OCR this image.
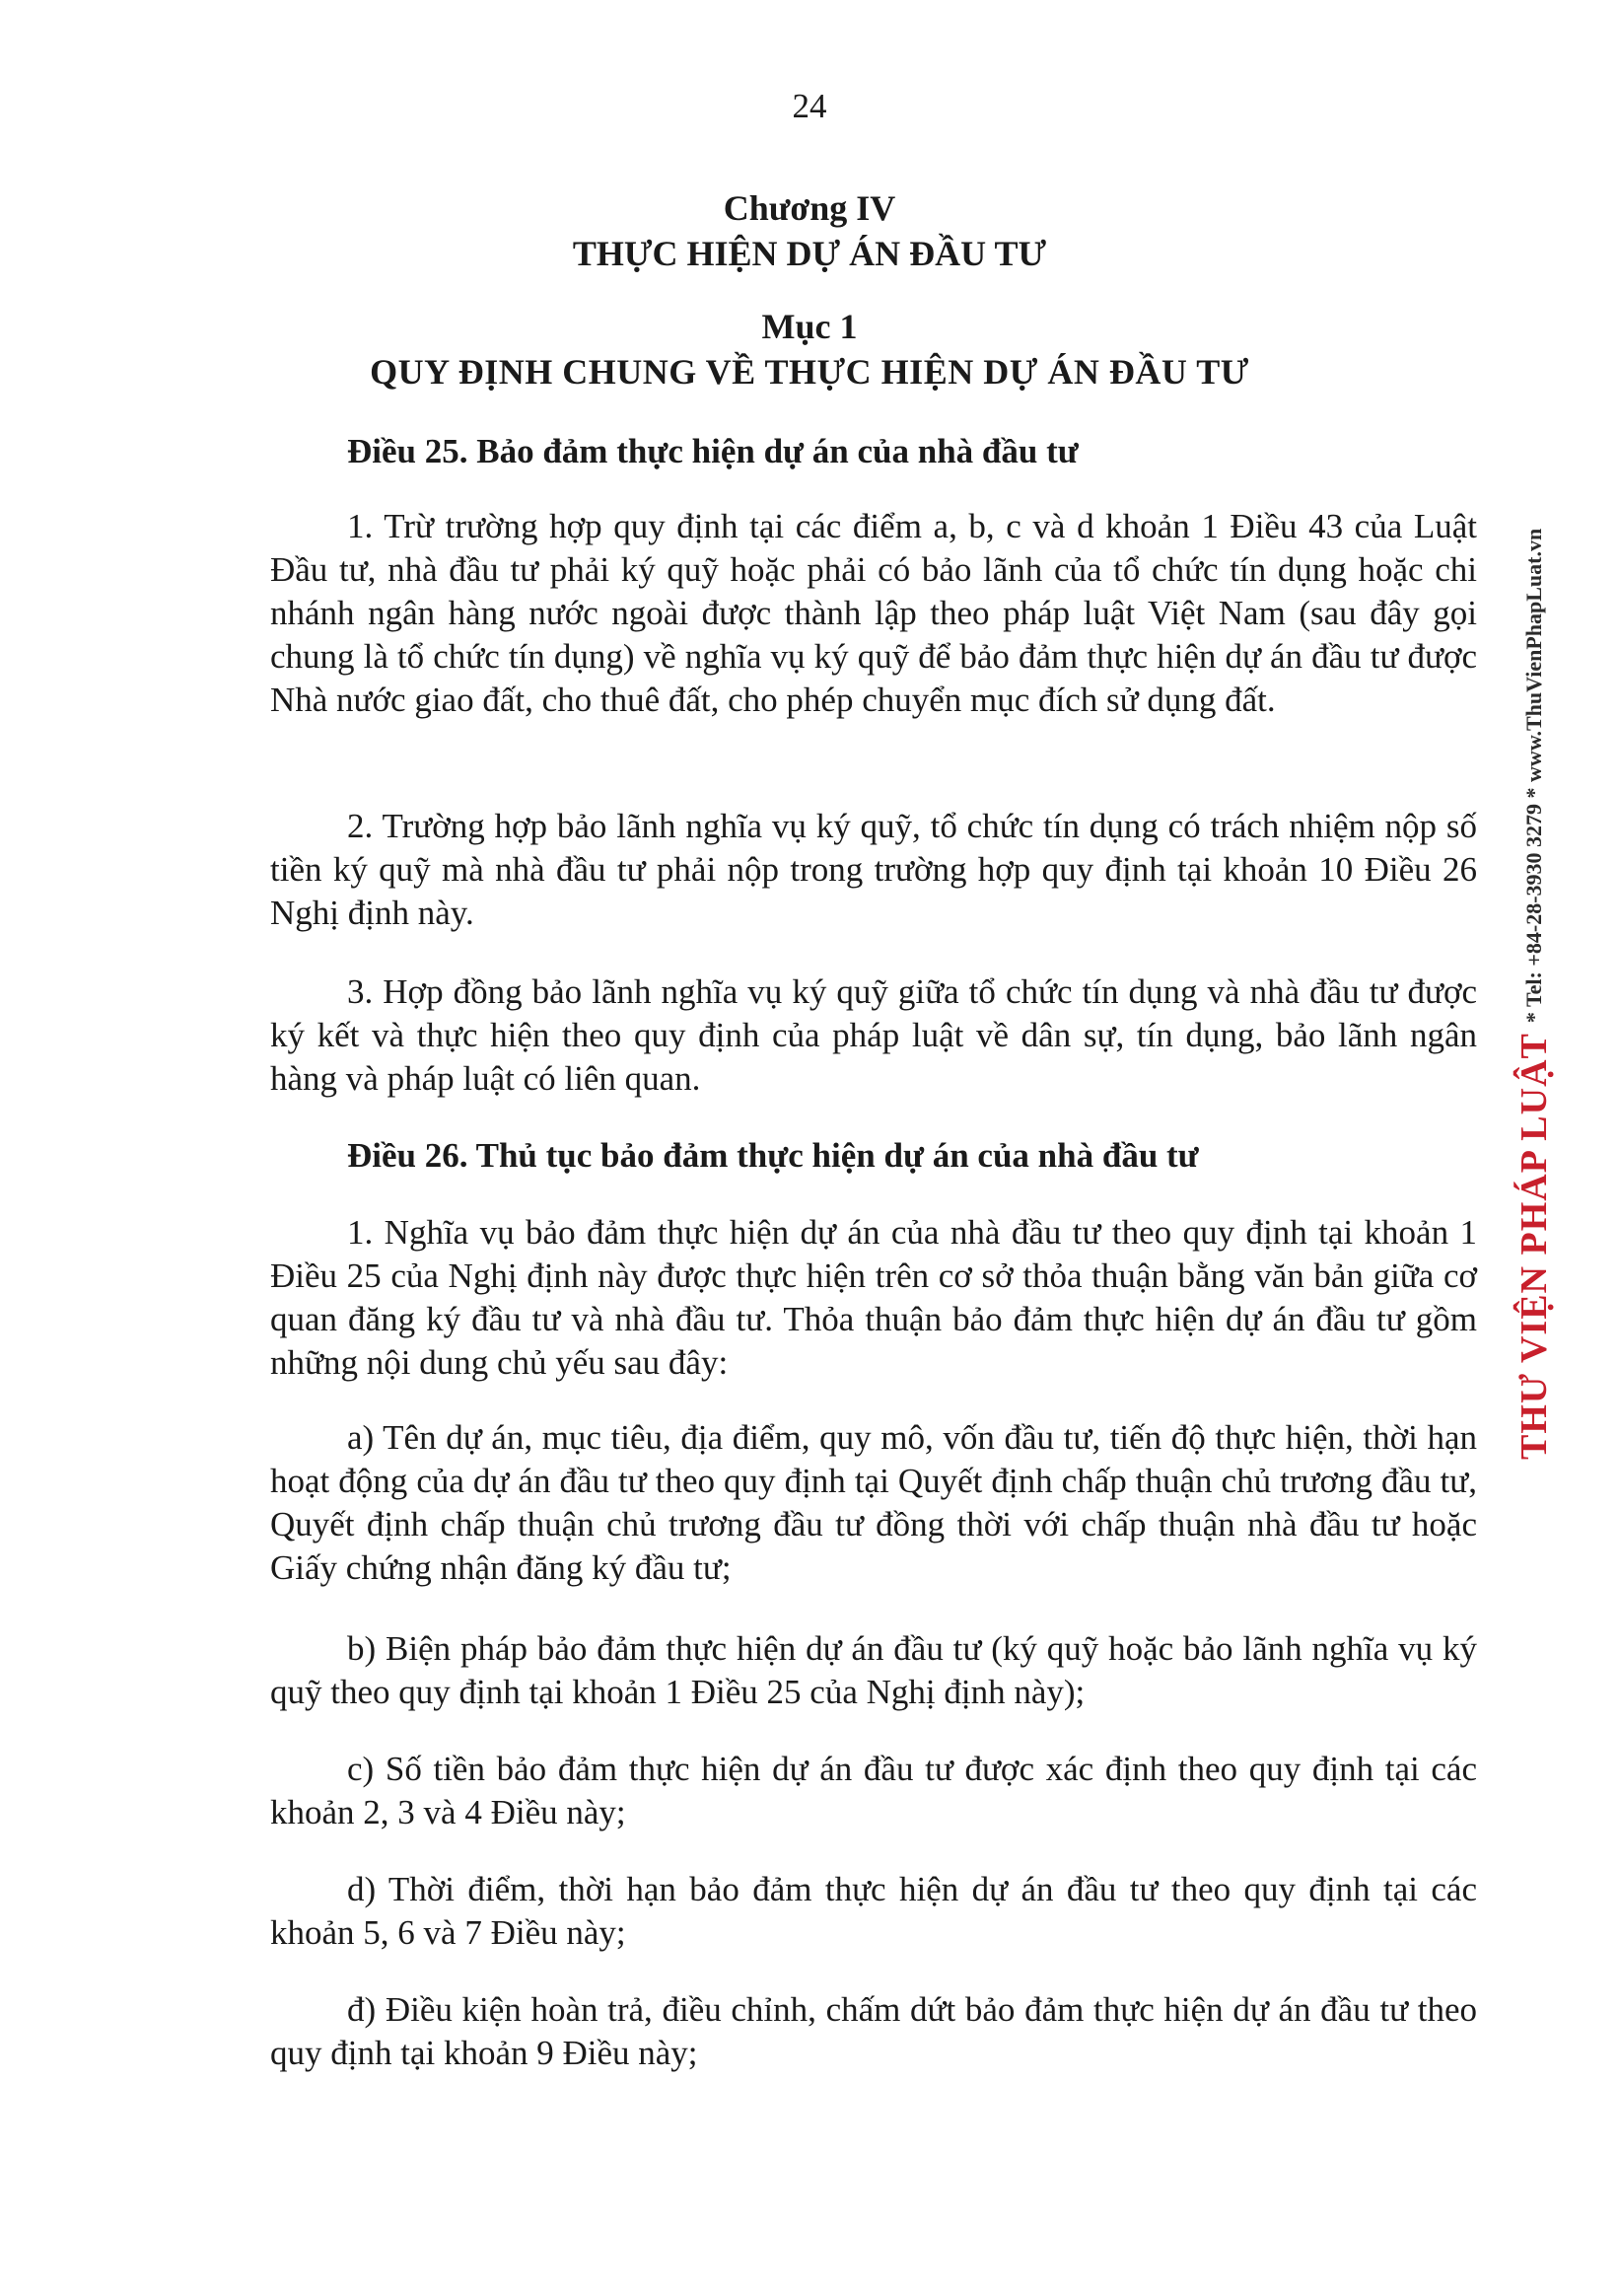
24
Chương IV
THỰC HIỆN DỰ ÁN ĐẦU TƯ
Mục 1
QUY ĐỊNH CHUNG VỀ THỰC HIỆN DỰ ÁN ĐẦU TƯ
Điều 25. Bảo đảm thực hiện dự án của nhà đầu tư

1. Trừ trường hợp quy định tại các điểm a, b, c và d khoản 1 Điều 43 của Luật Đầu tư, nhà đầu tư phải ký quỹ hoặc phải có bảo lãnh của tổ chức tín dụng hoặc chi nhánh ngân hàng nước ngoài được thành lập theo pháp luật Việt Nam (sau đây gọi chung là tổ chức tín dụng) về nghĩa vụ ký quỹ để bảo đảm thực hiện dự án đầu tư được Nhà nước giao đất, cho thuê đất, cho phép chuyển mục đích sử dụng đất.

2. Trường hợp bảo lãnh nghĩa vụ ký quỹ, tổ chức tín dụng có trách nhiệm nộp số tiền ký quỹ mà nhà đầu tư phải nộp trong trường hợp quy định tại khoản 10 Điều 26 Nghị định này.

3. Hợp đồng bảo lãnh nghĩa vụ ký quỹ giữa tổ chức tín dụng và nhà đầu tư được ký kết và thực hiện theo quy định của pháp luật về dân sự, tín dụng, bảo lãnh ngân hàng và pháp luật có liên quan.

Điều 26. Thủ tục bảo đảm thực hiện dự án của nhà đầu tư

1. Nghĩa vụ bảo đảm thực hiện dự án của nhà đầu tư theo quy định tại khoản 1 Điều 25 của Nghị định này được thực hiện trên cơ sở thỏa thuận bằng văn bản giữa cơ quan đăng ký đầu tư và nhà đầu tư. Thỏa thuận bảo đảm thực hiện dự án đầu tư gồm những nội dung chủ yếu sau đây:

a) Tên dự án, mục tiêu, địa điểm, quy mô, vốn đầu tư, tiến độ thực hiện, thời hạn hoạt động của dự án đầu tư theo quy định tại Quyết định chấp thuận chủ trương đầu tư, Quyết định chấp thuận chủ trương đầu tư đồng thời với chấp thuận nhà đầu tư hoặc Giấy chứng nhận đăng ký đầu tư;

b) Biện pháp bảo đảm thực hiện dự án đầu tư (ký quỹ hoặc bảo lãnh nghĩa vụ ký quỹ theo quy định tại khoản 1 Điều 25 của Nghị định này);

c) Số tiền bảo đảm thực hiện dự án đầu tư được xác định theo quy định tại các khoản 2, 3 và 4 Điều này;

d) Thời điểm, thời hạn bảo đảm thực hiện dự án đầu tư theo quy định tại các khoản 5, 6 và 7 Điều này;

đ) Điều kiện hoàn trả, điều chỉnh, chấm dứt bảo đảm thực hiện dự án đầu tư theo quy định tại khoản 9 Điều này;

THƯ VIỆN PHÁP LUẬT
* Tel: +84-28-3930 3279 * www.ThuVienPhapLuat.vn
